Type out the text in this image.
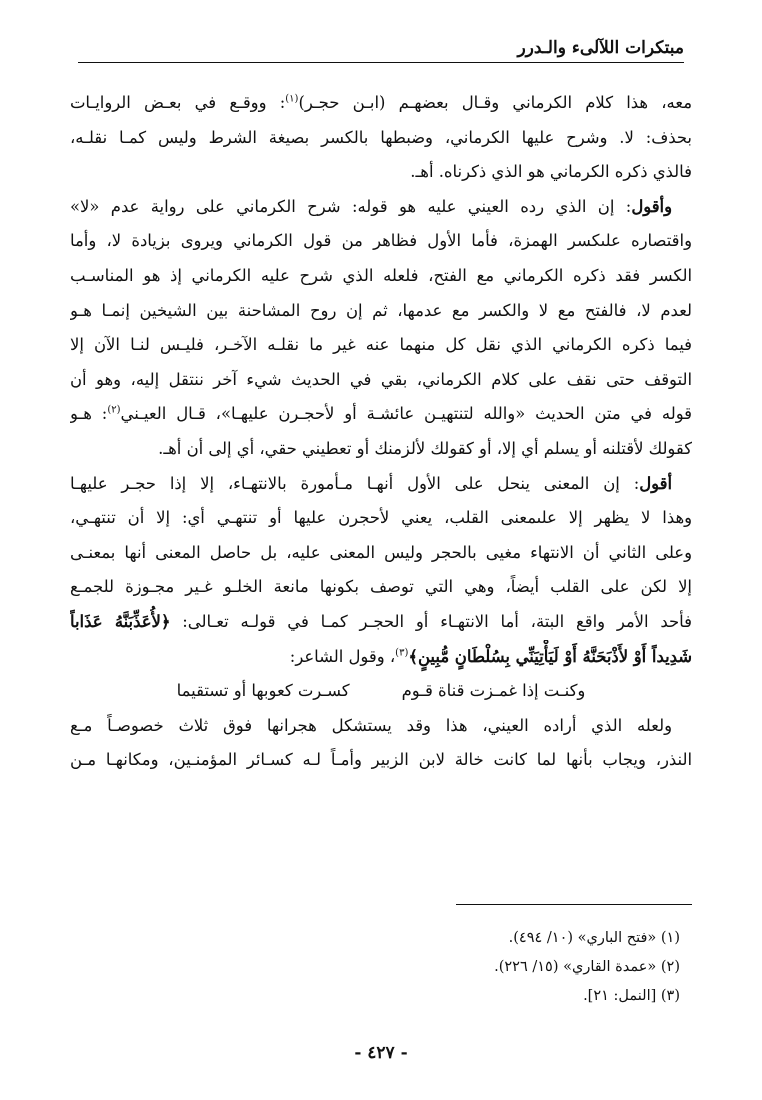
مبتكرات اللآلىء والـدرر
معه، هذا كلام الكرماني وقـال بعضهـم (ابـن حجـر)$^{(١)}$: ووقـع في بعـض الروايـات
بحذف: لا. وشرح عليها الكرماني، وضبطها بالكسر بصيغة الشرط وليس كمـا نقلـه،
فالذي ذكره الكرماني هو الذي ذكرناه. أهـ.
وأقول: إن الذي رده العيني عليه هو قوله: شرح الكرماني على رواية عدم «لا»
واقتصاره علىكسر الهمزة، فأما الأول فظاهر من قول الكرماني ويروى بزيادة لا، وأما
الكسر فقد ذكره الكرماني مع الفتح، فلعله الذي شرح عليه الكرماني إذ هو المناسـب
لعدم لا، فالفتح مع لا والكسر مع عدمها، ثم إن روح المشاحنة بين الشيخين إنمـا هـو
فيما ذكره الكرماني الذي نقل كل منهما عنه غير ما نقلـه الآخـر، فليـس لنـا الآن إلا
التوقف حتى نقف على كلام الكرماني، بقي في الحديث شيء آخر ننتقل إليه، وهو أن
قوله في متن الحديث «والله لتنتهيـن عائشـة أو لأحجـرن عليهـا»، قـال العيـني$^{(٢)}$: هـو
كقولك لأقتلنه أو يسلم أي إلا، أو كقولك لألزمنك أو تعطيني حقي، أي إلى أن أهـ.
أقول: إن المعنى ينحل على الأول أنهـا مـأمورة بالانتهـاء، إلا إذا حجـر عليهـا
وهذا لا يظهر إلا علىمعنى القلب، يعني لأحجرن عليها أو تنتهـي أي: إلا أن تنتهـي،
وعلى الثاني أن الانتهاء مغيى بالحجر وليس المعنى عليه، بل حاصل المعنى أنها بمعنـى
إلا لكن على القلب أيضاً، وهي التي توصف بكونها مانعة الخلـو غـير مجـوزة للجمـع
فأحد الأمر واقع البتة، أما الانتهـاء أو الحجـر كمـا في قولـه تعـالى: ﴿لأُعَذِّبَنَّهُ عَذَاباً
شَدِيداً أَوْ لأَذْبَحَنَّهُ أَوْ لَيَأْتِيَنِّي بِسُلْطَانٍ مُّبِينٍ﴾$^{(٣)}$، وقول الشاعر:
وكنـت إذا غمـزت قناة قـوم
كسـرت كعوبها أو تستقيما
ولعله الذي أراده العيني، هذا وقد يستشكل هجرانها فوق ثلاث خصوصـاً مـع
النذر، ويجاب بأنها لما كانت خالة لابن الزبير وأمـاً لـه كسـائر المؤمنـين، ومكانهـا مـن
(١) «فتح الباري» (١٠/ ٤٩٤).
(٢) «عمدة القاري» (١٥/ ٢٢٦).
(٣) [النمل: ٢١].
- ٤٢٧ -
